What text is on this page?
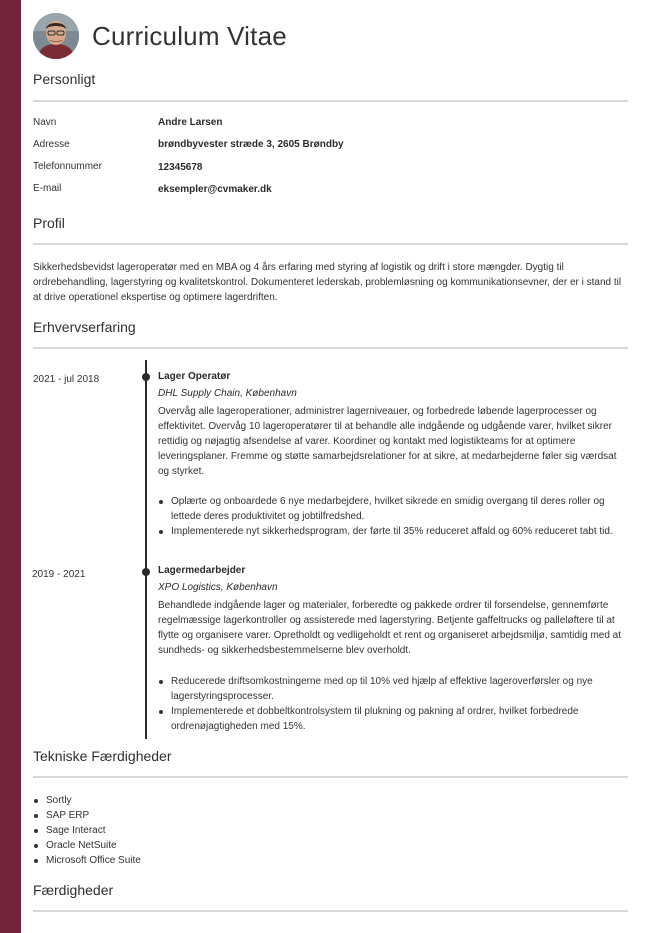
Curriculum Vitae
Personligt
Navn	Andre Larsen
Adresse	brøndbyvester stræde 3, 2605 Brøndby
Telefonnummer	12345678
E-mail	eksempler@cvmaker.dk
Profil
Sikkerhedsbevidst lageroperatør med en MBA og 4 års erfaring med styring af logistik og drift i store mængder. Dygtig til ordrebehandling, lagerstyring og kvalitetskontrol. Dokumenteret lederskab, problemløsning og kommunikationsevner, der er i stand til at drive operationel ekspertise og optimere lagerdriften.
Erhvervserfaring
2021 - jul 2018	Lager Operatør
DHL Supply Chain, København
Overvåg alle lageroperationer, administrer lagerniveauer, og forbedrede løbende lagerprocesser og effektivitet. Overvåg 10 lageroperatører til at behandle alle indgående og udgående varer, hvilket sikrer rettidig og nøjagtig afsendelse af varer. Koordiner og kontakt med logistikteams for at optimere leveringsplaner. Fremme og støtte samarbejdsrelationer for at sikre, at medarbejderne føler sig værdsat og styrket.
Oplærte og onboardede 6 nye medarbejdere, hvilket sikrede en smidig overgang til deres roller og lettede deres produktivitet og jobtilfredshed.
Implementerede nyt sikkerhedsprogram, der førte til 35% reduceret affald og 60% reduceret tabt tid.
2019 - 2021	Lagermedarbejder
XPO Logistics, København
Behandlede indgående lager og materialer, forberedte og pakkede ordrer til forsendelse, gennemførte regelmæssige lagerkontroller og assisterede med lagerstyring. Betjente gaffeltrucks og palleløftere til at flytte og organisere varer. Opretholdt og vedligeholdt et rent og organiseret arbejdsmiljø, samtidig med at sundheds- og sikkerhedsbestemmelserne blev overholdt.
Reducerede driftsomkostningerne med op til 10% ved hjælp af effektive lageroverførsler og nye lagerstyringsprocesser.
Implementerede et dobbeltkontrolsystem til plukning og pakning af ordrer, hvilket forbedrede ordrenøjagtigheden med 15%.
Tekniske Færdigheder
Sortly
SAP ERP
Sage Interact
Oracle NetSuite
Microsoft Office Suite
Færdigheder
